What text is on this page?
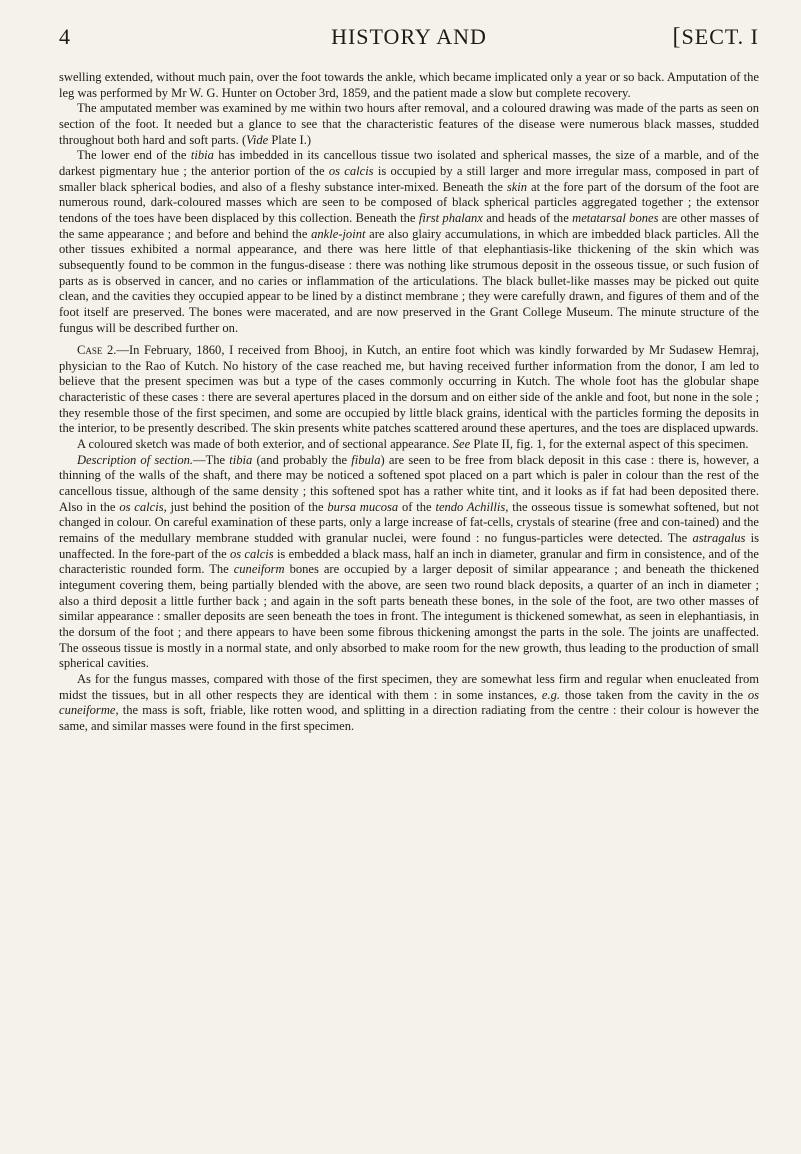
4	HISTORY AND	[SECT. I

swelling extended, without much pain, over the foot towards the ankle, which became implicated only a year or so back. Amputation of the leg was performed by Mr W. G. Hunter on October 3rd, 1859, and the patient made a slow but complete recovery.

The amputated member was examined by me within two hours after removal, and a coloured drawing was made of the parts as seen on section of the foot. It needed but a glance to see that the characteristic features of the disease were numerous black masses, studded throughout both hard and soft parts. (Vide Plate I.)

The lower end of the tibia has imbedded in its cancellous tissue two isolated and spherical masses, the size of a marble, and of the darkest pigmentary hue ; the anterior portion of the os calcis is occupied by a still larger and more irregular mass, composed in part of smaller black spherical bodies, and also of a fleshy substance inter-mixed. Beneath the skin at the fore part of the dorsum of the foot are numerous round, dark-coloured masses which are seen to be composed of black spherical particles aggregated together ; the extensor tendons of the toes have been displaced by this collection. Beneath the first phalanx and heads of the metatarsal bones are other masses of the same appearance ; and before and behind the ankle-joint are also glairy accumulations, in which are imbedded black particles. All the other tissues exhibited a normal appearance, and there was here little of that elephantiasis-like thickening of the skin which was subsequently found to be common in the fungus-disease : there was nothing like strumous deposit in the osseous tissue, or such fusion of parts as is observed in cancer, and no caries or inflammation of the articulations. The black bullet-like masses may be picked out quite clean, and the cavities they occupied appear to be lined by a distinct membrane ; they were carefully drawn, and figures of them and of the foot itself are preserved. The bones were macerated, and are now preserved in the Grant College Museum. The minute structure of the fungus will be described further on.

Case 2.—In February, 1860, I received from Bhooj, in Kutch, an entire foot which was kindly forwarded by Mr Sudasew Hemraj, physician to the Rao of Kutch. No history of the case reached me, but having received further information from the donor, I am led to believe that the present specimen was but a type of the cases commonly occurring in Kutch. The whole foot has the globular shape characteristic of these cases : there are several apertures placed in the dorsum and on either side of the ankle and foot, but none in the sole ; they resemble those of the first specimen, and some are occupied by little black grains, identical with the particles forming the deposits in the interior, to be presently described. The skin presents white patches scattered around these apertures, and the toes are displaced upwards.

A coloured sketch was made of both exterior, and of sectional appearance. See Plate II, fig. 1, for the external aspect of this specimen.

Description of section.—The tibia (and probably the fibula) are seen to be free from black deposit in this case : there is, however, a thinning of the walls of the shaft, and there may be noticed a softened spot placed on a part which is paler in colour than the rest of the cancellous tissue, although of the same density ; this softened spot has a rather white tint, and it looks as if fat had been deposited there. Also in the os calcis, just behind the position of the bursa mucosa of the tendo Achillis, the osseous tissue is somewhat softened, but not changed in colour. On careful examination of these parts, only a large increase of fat-cells, crystals of stearine (free and con-tained) and the remains of the medullary membrane studded with granular nuclei, were found : no fungus-particles were detected. The astragalus is unaffected. In the fore-part of the os calcis is embedded a black mass, half an inch in diameter, granular and firm in consistence, and of the characteristic rounded form. The cuneiform bones are occupied by a larger deposit of similar appearance ; and beneath the thickened integument covering them, being partially blended with the above, are seen two round black deposits, a quarter of an inch in diameter ; also a third deposit a little further back ; and again in the soft parts beneath these bones, in the sole of the foot, are two other masses of similar appearance : smaller deposits are seen beneath the toes in front. The integument is thickened somewhat, as seen in elephantiasis, in the dorsum of the foot ; and there appears to have been some fibrous thickening amongst the parts in the sole. The joints are unaffected. The osseous tissue is mostly in a normal state, and only absorbed to make room for the new growth, thus leading to the production of small spherical cavities.

As for the fungus masses, compared with those of the first specimen, they are somewhat less firm and regular when enucleated from midst the tissues, but in all other respects they are identical with them : in some instances, e.g. those taken from the cavity in the os cuneiforme, the mass is soft, friable, like rotten wood, and splitting in a direction radiating from the centre : their colour is however the same, and similar masses were found in the first specimen.
